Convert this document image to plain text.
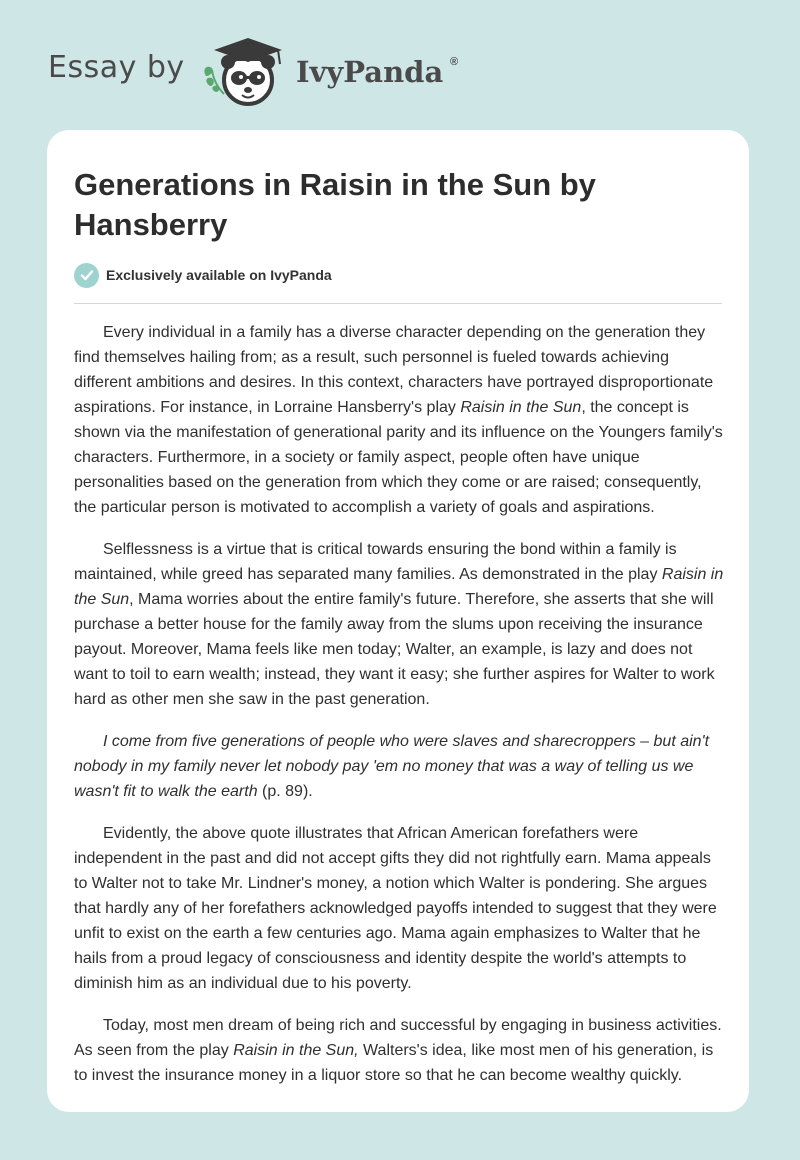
Essay by	IvyPanda ®
Generations in Raisin in the Sun by Hansberry
Exclusively available on IvyPanda

Every individual in a family has a diverse character depending on the generation they find themselves hailing from; as a result, such personnel is fueled towards achieving different ambitions and desires. In this context, characters have portrayed disproportionate aspirations. For instance, in Lorraine Hansberry's play Raisin in the Sun, the concept is shown via the manifestation of generational parity and its influence on the Youngers family's characters. Furthermore, in a society or family aspect, people often have unique personalities based on the generation from which they come or are raised; consequently, the particular person is motivated to accomplish a variety of goals and aspirations.

Selflessness is a virtue that is critical towards ensuring the bond within a family is maintained, while greed has separated many families. As demonstrated in the play Raisin in the Sun, Mama worries about the entire family's future. Therefore, she asserts that she will purchase a better house for the family away from the slums upon receiving the insurance payout. Moreover, Mama feels like men today; Walter, an example, is lazy and does not want to toil to earn wealth; instead, they want it easy; she further aspires for Walter to work hard as other men she saw in the past generation.

I come from five generations of people who were slaves and sharecroppers – but ain't nobody in my family never let nobody pay 'em no money that was a way of telling us we wasn't fit to walk the earth (p. 89).

Evidently, the above quote illustrates that African American forefathers were independent in the past and did not accept gifts they did not rightfully earn. Mama appeals to Walter not to take Mr. Lindner's money, a notion which Walter is pondering. She argues that hardly any of her forefathers acknowledged payoffs intended to suggest that they were unfit to exist on the earth a few centuries ago. Mama again emphasizes to Walter that he hails from a proud legacy of consciousness and identity despite the world's attempts to diminish him as an individual due to his poverty.

Today, most men dream of being rich and successful by engaging in business activities. As seen from the play Raisin in the Sun, Walters's idea, like most men of his generation, is to invest the insurance money in a liquor store so that he can become wealthy quickly.
